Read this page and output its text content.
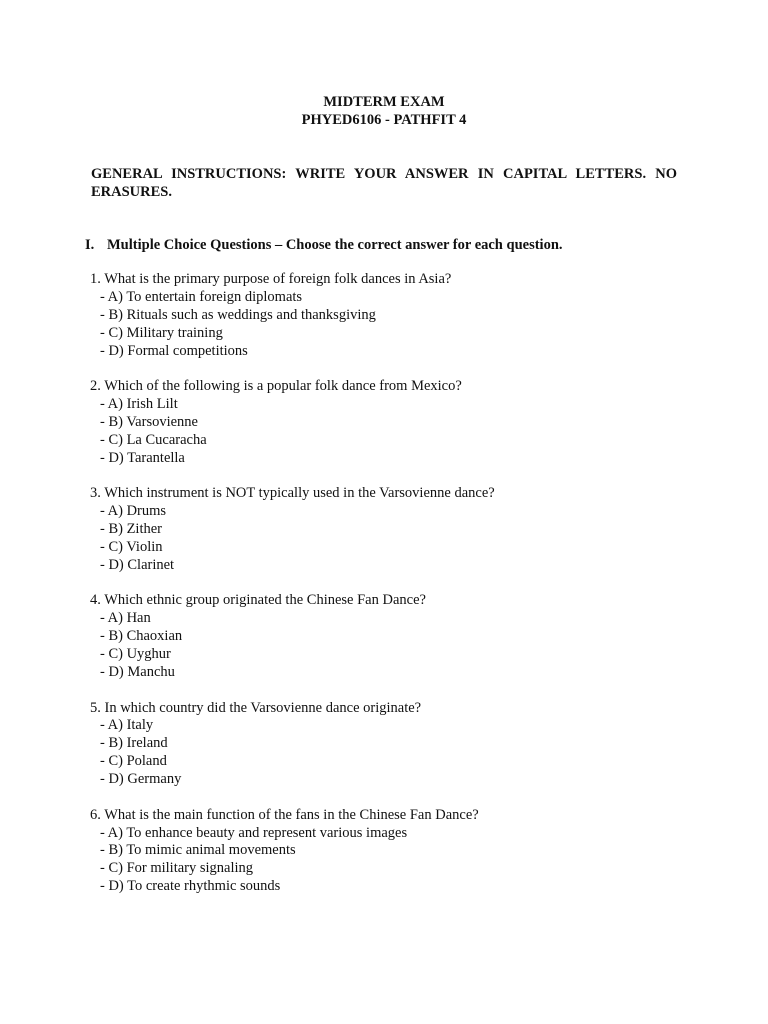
MIDTERM EXAM
PHYED6106 - PATHFIT 4
GENERAL INSTRUCTIONS: WRITE YOUR ANSWER IN CAPITAL LETTERS. NO ERASURES.
I. Multiple Choice Questions – Choose the correct answer for each question.
1. What is the primary purpose of foreign folk dances in Asia?
- A) To entertain foreign diplomats
- B) Rituals such as weddings and thanksgiving
- C) Military training
- D) Formal competitions
2. Which of the following is a popular folk dance from Mexico?
- A) Irish Lilt
- B) Varsovienne
- C) La Cucaracha
- D) Tarantella
3. Which instrument is NOT typically used in the Varsovienne dance?
- A) Drums
- B) Zither
- C) Violin
- D) Clarinet
4. Which ethnic group originated the Chinese Fan Dance?
- A) Han
- B) Chaoxian
- C) Uyghur
- D) Manchu
5. In which country did the Varsovienne dance originate?
- A) Italy
- B) Ireland
- C) Poland
- D) Germany
6. What is the main function of the fans in the Chinese Fan Dance?
- A) To enhance beauty and represent various images
- B) To mimic animal movements
- C) For military signaling
- D) To create rhythmic sounds
